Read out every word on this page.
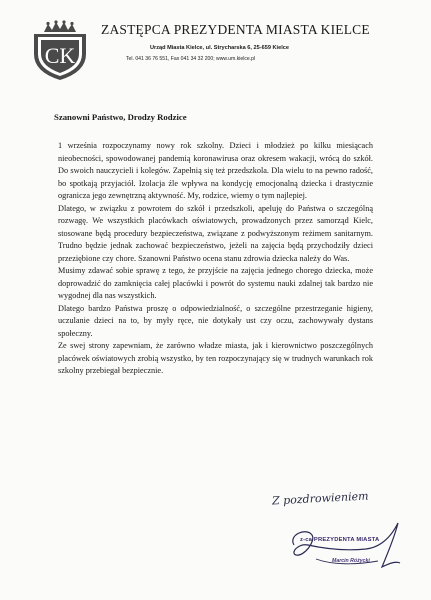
CK
ZASTĘPCA PREZYDENTA MIASTA KIELCE
Urząd Miasta Kielce, ul. Strycharska 6, 25-659 Kielce
Tel. 041 36 76 551, Fax 041 34 32 200; www.um.kielce.pl
Szanowni Państwo, Drodzy Rodzice

1 września rozpoczynamy nowy rok szkolny. Dzieci i młodzież po kilku miesiącach nieobecności, spowodowanej pandemią koronawirusa oraz okresem wakacji, wrócą do szkół. Do swoich nauczycieli i kolegów. Zapełnią się też przedszkola. Dla wielu to na pewno radość, bo spotkają przyjaciół. Izolacja źle wpływa na kondycję emocjonalną dziecka i drastycznie ogranicza jego zewnętrzną aktywność. My, rodzice, wiemy o tym najlepiej.

Dlatego, w związku z powrotem do szkół i przedszkoli, apeluję do Państwa o szczególną rozwagę. We wszystkich placówkach oświatowych, prowadzonych przez samorząd Kielc, stosowane będą procedury bezpieczeństwa, związane z podwyższonym reżimem sanitarnym. Trudno będzie jednak zachować bezpieczeństwo, jeżeli na zajęcia będą przychodziły dzieci przeziębione czy chore. Szanowni Państwo ocena stanu zdrowia dziecka należy do Was.

Musimy zdawać sobie sprawę z tego, że przyjście na zajęcia jednego chorego dziecka, może doprowadzić do zamknięcia całej placówki i powrót do systemu nauki zdalnej tak bardzo nie wygodnej dla nas wszystkich.

Dlatego bardzo Państwa proszę o odpowiedzialność, o szczególne przestrzeganie higieny, uczulanie dzieci na to, by myły ręce, nie dotykały ust czy oczu, zachowywały dystans społeczny.

Ze swej strony zapewniam, że zarówno władze miasta, jak i kierownictwo poszczególnych placówek oświatowych zrobią wszystko, by ten rozpoczynający się w trudnych warunkach rok szkolny przebiegał bezpiecznie.

Z pozdrowieniem
z-ca PREZYDENTA MIASTA
Marcin Różycki
